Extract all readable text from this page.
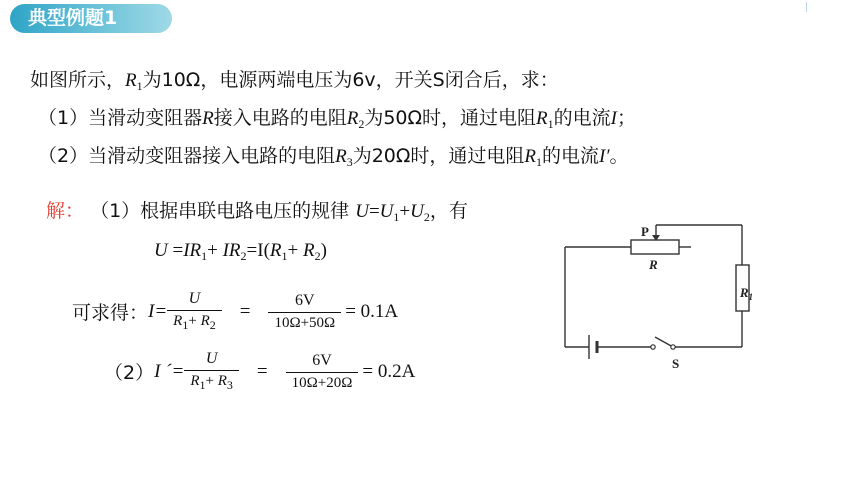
典型例题1
如图所示，$R_1$为10Ω，电源两端电压为6v，开关S闭合后，求：
（1）当滑动变阻器R接入电路的电阻$R_2$为50Ω时，通过电阻$R_1$的电流I；
（2）当滑动变阻器接入电路的电阻$R_3$为20Ω时，通过电阻$R_1$的电流I′。
解： （1）根据串联电路电压的规律 $U=U_1+U_2$，有
$U =IR_1+ IR_2=I(R_1+ R_2)$
可求得： $I= \frac{U}{R_1+ R_2} = \frac{6V}{10\Omega+50\Omega} = 0.1A$
（2） I ´= $\frac{U}{R_1+ R_3} = \frac{6V}{10\Omega+20\Omega} = 0.2A$
P
R
$R_1$
S
